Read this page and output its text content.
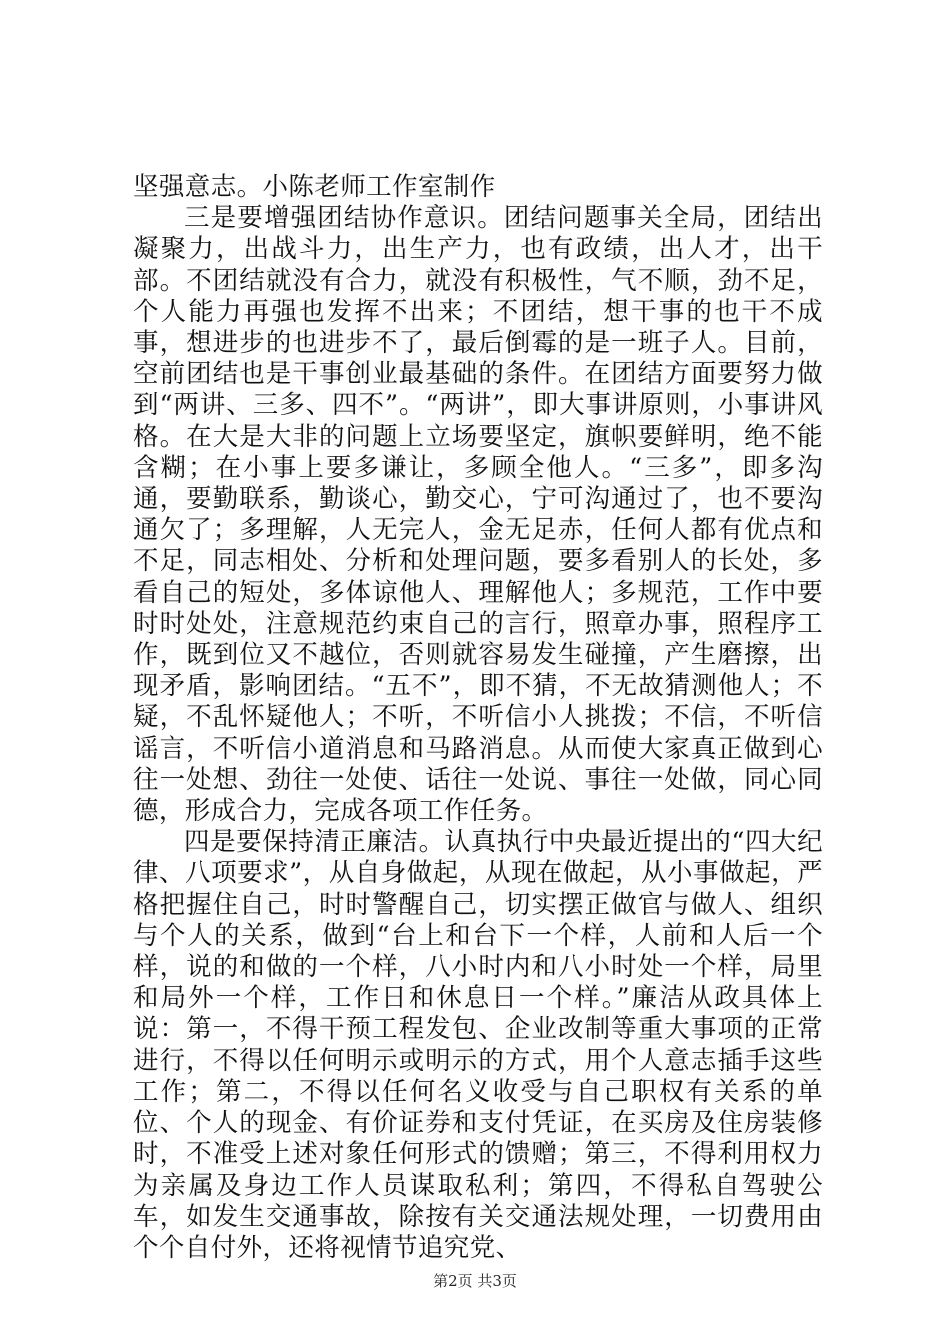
坚强意志。小陈老师工作室制作

三是要增强团结协作意识。团结问题事关全局，团结出凝聚力，出战斗力，出生产力，也有政绩，出人才，出干部。不团结就没有合力，就没有积极性，气不顺，劲不足，个人能力再强也发挥不出来；不团结，想干事的也干不成事，想进步的也进步不了，最后倒霉的是一班子人。目前，空前团结也是干事创业最基础的条件。在团结方面要努力做到“两讲、三多、四不”。“两讲”，即大事讲原则，小事讲风格。在大是大非的问题上立场要坚定，旗帜要鲜明，绝不能含糊；在小事上要多谦让，多顾全他人。“三多”，即多沟通，要勤联系，勤谈心，勤交心，宁可沟通过了，也不要沟通欠了；多理解，人无完人，金无足赤，任何人都有优点和不足，同志相处、分析和处理问题，要多看别人的长处，多看自己的短处，多体谅他人、理解他人；多规范，工作中要时时处处，注意规范约束自己的言行，照章办事，照程序工作，既到位又不越位，否则就容易发生碰撞，产生磨擦，出现矛盾，影响团结。“五不”，即不猜，不无故猜测他人；不疑，不乱怀疑他人；不听，不听信小人挑拨；不信，不听信谣言，不听信小道消息和马路消息。从而使大家真正做到心往一处想、劲往一处使、话往一处说、事往一处做，同心同德，形成合力，完成各项工作任务。

四是要保持清正廉洁。认真执行中央最近提出的“四大纪律、八项要求”，从自身做起，从现在做起，从小事做起，严格把握住自己，时时警醒自己，切实摆正做官与做人、组织与个人的关系，做到“台上和台下一个样，人前和人后一个样，说的和做的一个样，八小时内和八小时处一个样，局里和局外一个样，工作日和休息日一个样。”廉洁从政具体上说：第一，不得干预工程发包、企业改制等重大事项的正常进行，不得以任何明示或明示的方式，用个人意志插手这些工作；第二，不得以任何名义收受与自己职权有关系的单位、个人的现金、有价证券和支付凭证，在买房及住房装修时，不准受上述对象任何形式的馈赠；第三，不得利用权力为亲属及身边工作人员谋取私利；第四，不得私自驾驶公车，如发生交通事故，除按有关交通法规处理，一切费用由个个自付外，还将视情节追究党、

第2页 共3页
